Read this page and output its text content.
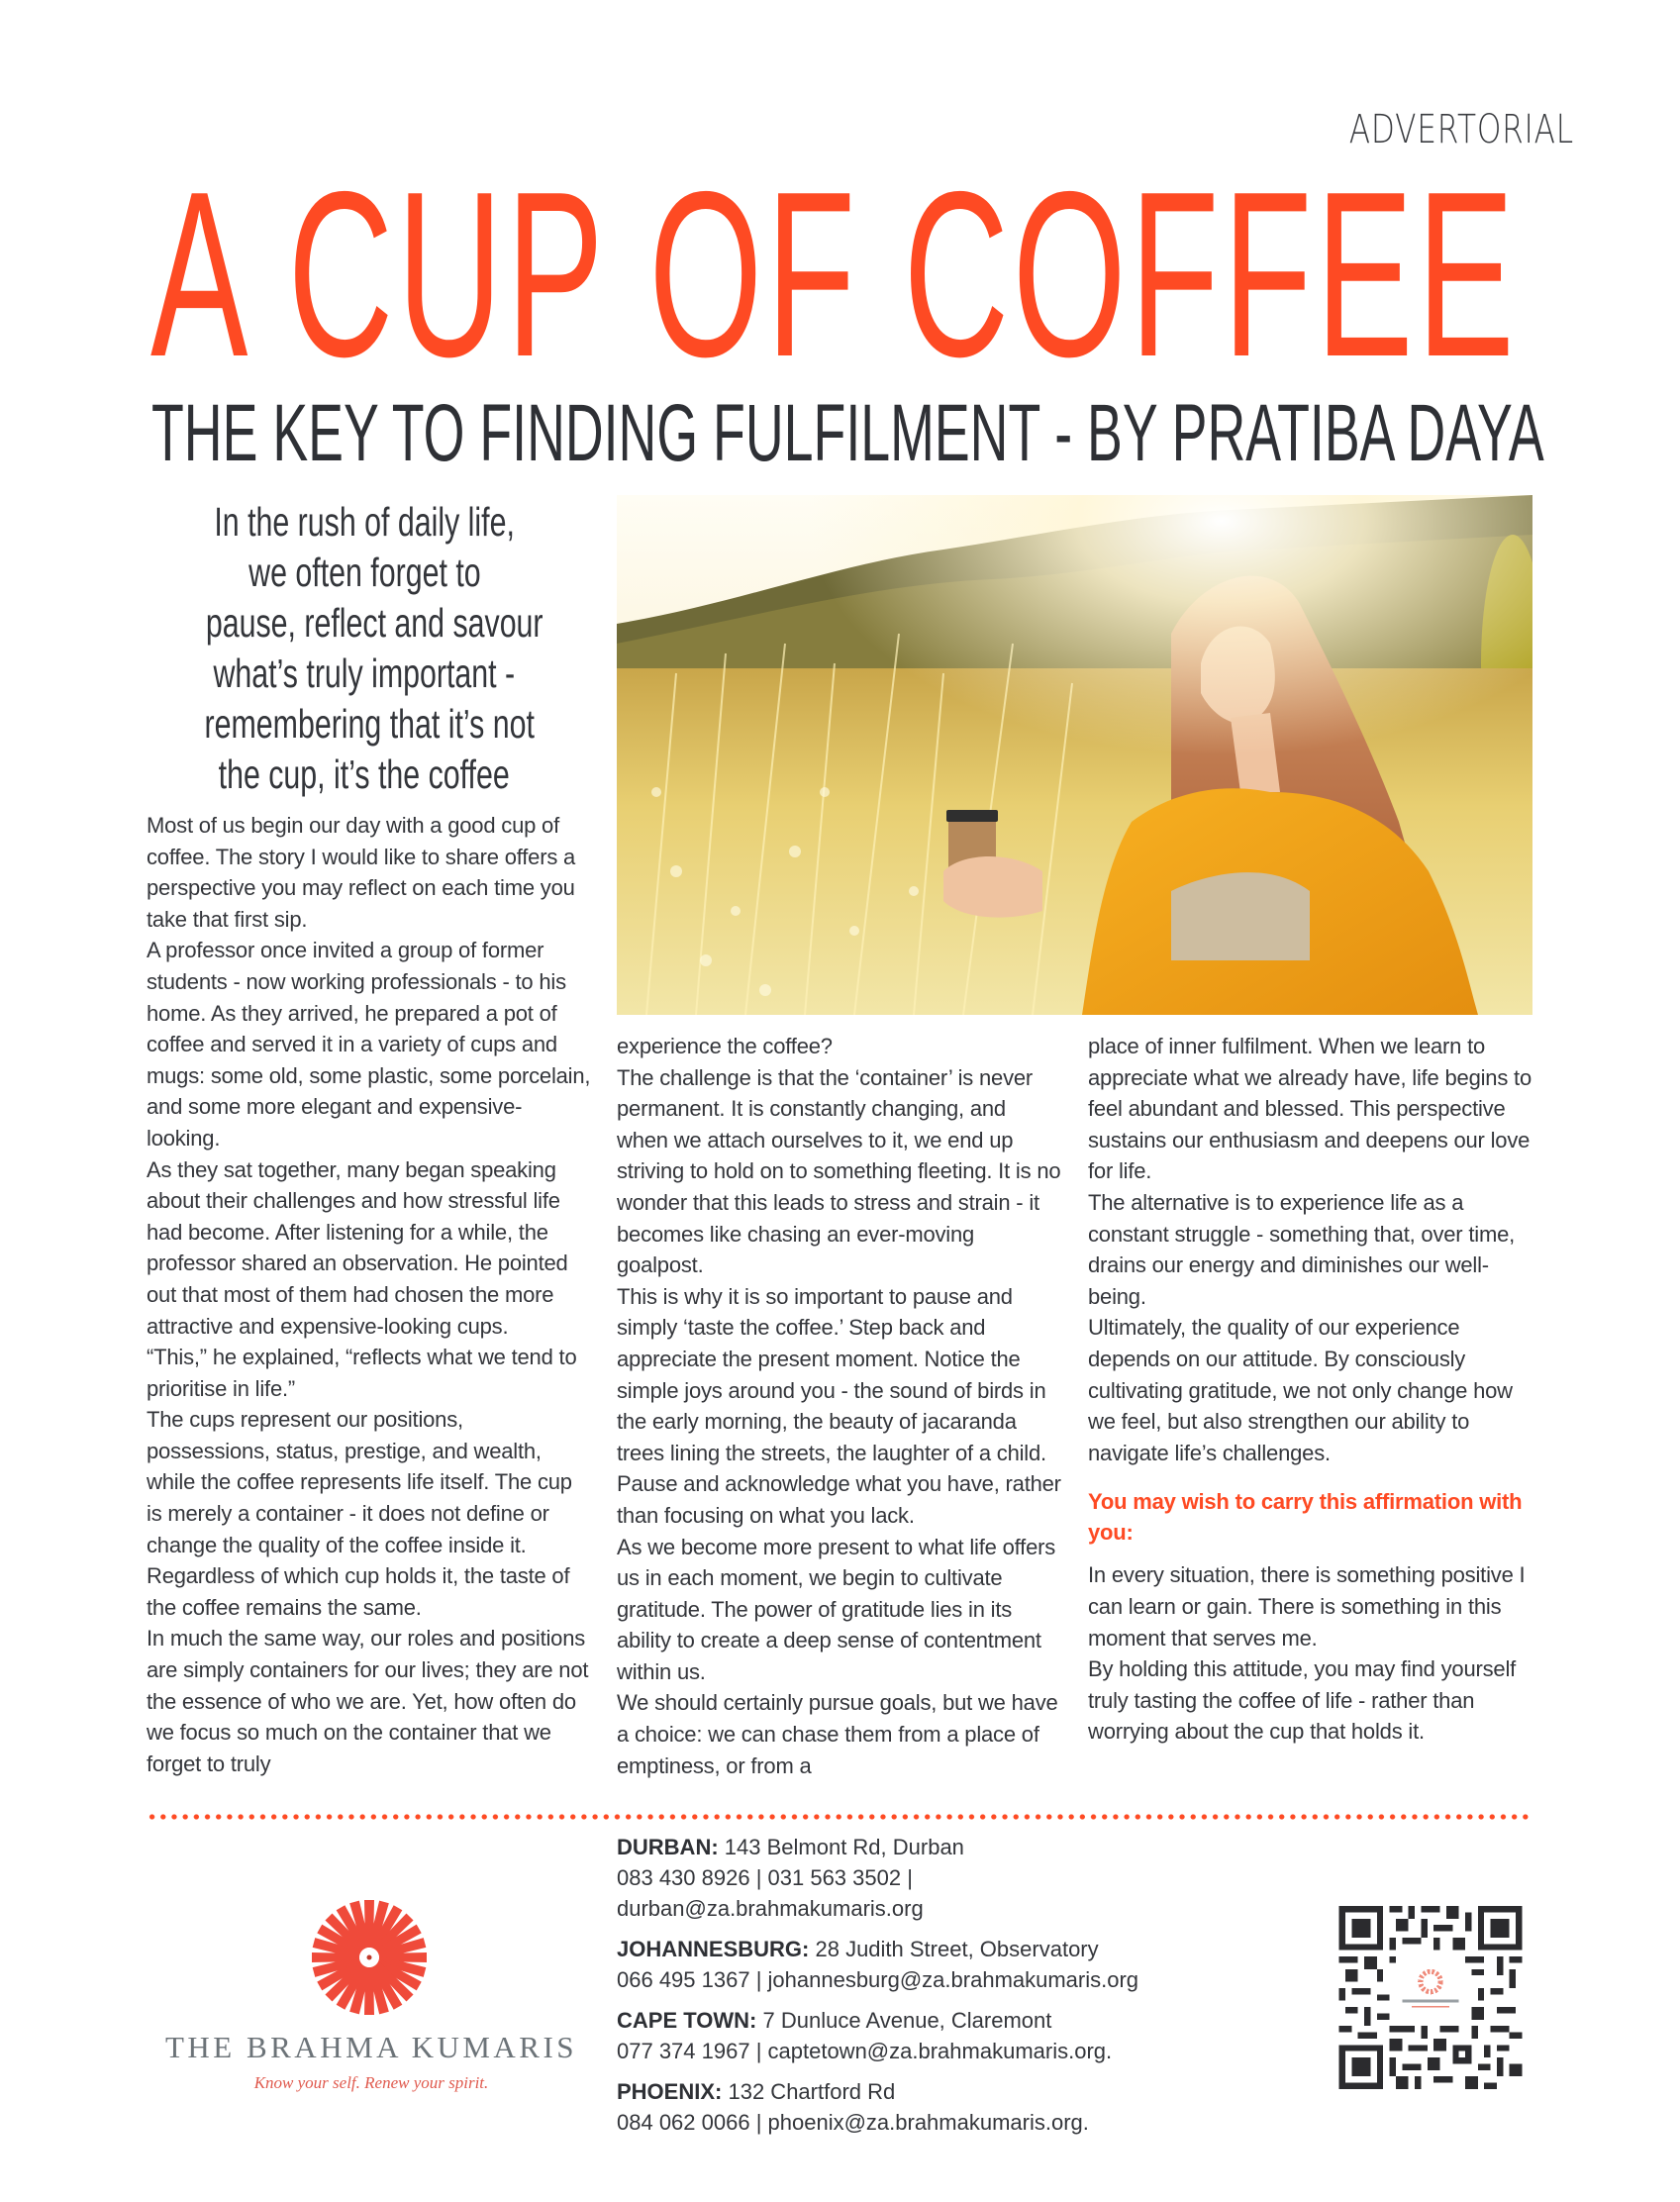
ADVERTORIAL
A CUP OF COFFEE
THE KEY TO FINDING FULFILMENT - BY PRATIBA DAYA
In the rush of daily life,
we often forget to
pause, reflect and savour
what’s truly important -
remembering that it’s not
the cup, it’s the coffee

Most of us begin our day with a good cup of coffee. The story I would like to share offers a perspective you may reflect on each time you take that first sip.

A professor once invited a group of former students - now working professionals - to his home. As they arrived, he prepared a pot of coffee and served it in a variety of cups and mugs: some old, some plastic, some porcelain, and some more elegant and expensive-looking.

As they sat together, many began speaking about their challenges and how stressful life had become. After listening for a while, the professor shared an observation. He pointed out that most of them had chosen the more attractive and expensive-looking cups.

“This,” he explained, “reflects what we tend to prioritise in life.”

The cups represent our positions, possessions, status, prestige, and wealth, while the coffee represents life itself. The cup is merely a container - it does not define or change the quality of the coffee inside it. Regardless of which cup holds it, the taste of the coffee remains the same.

In much the same way, our roles and positions are simply containers for our lives; they are not the essence of who we are. Yet, how often do we focus so much on the container that we forget to truly

experience the coffee?

The challenge is that the ‘container’ is never permanent. It is constantly changing, and when we attach ourselves to it, we end up striving to hold on to something fleeting. It is no wonder that this leads to stress and strain - it becomes like chasing an ever-moving goalpost.

This is why it is so important to pause and simply ‘taste the coffee.’ Step back and appreciate the present moment. Notice the simple joys around you - the sound of birds in the early morning, the beauty of jacaranda trees lining the streets, the laughter of a child.

Pause and acknowledge what you have, rather than focusing on what you lack.

As we become more present to what life offers us in each moment, we begin to cultivate gratitude. The power of gratitude lies in its ability to create a deep sense of contentment within us.

We should certainly pursue goals, but we have a choice: we can chase them from a place of emptiness, or from a

place of inner fulfilment. When we learn to appreciate what we already have, life begins to feel abundant and blessed. This perspective sustains our enthusiasm and deepens our love for life.

The alternative is to experience life as a constant struggle - something that, over time, drains our energy and diminishes our well-being.

Ultimately, the quality of our experience depends on our attitude. By consciously cultivating gratitude, we not only change how we feel, but also strengthen our ability to navigate life’s challenges.

You may wish to carry this affirmation with you:

In every situation, there is something positive I can learn or gain. There is something in this moment that serves me.

By holding this attitude, you may find yourself truly tasting the coffee of life - rather than worrying about the cup that holds it.

DURBAN: 143 Belmont Rd, Durban
083 430 8926 | 031 563 3502 | durban@za.brahmakumaris.org
JOHANNESBURG: 28 Judith Street, Observatory
066 495 1367 | johannesburg@za.brahmakumaris.org
CAPE TOWN: 7 Dunluce Avenue, Claremont
077 374 1967 | captetown@za.brahmakumaris.org.
PHOENIX: 132 Chartford Rd
084 062 0066 | phoenix@za.brahmakumaris.org.
THE BRAHMA KUMARIS
Know your self. Renew your spirit.
